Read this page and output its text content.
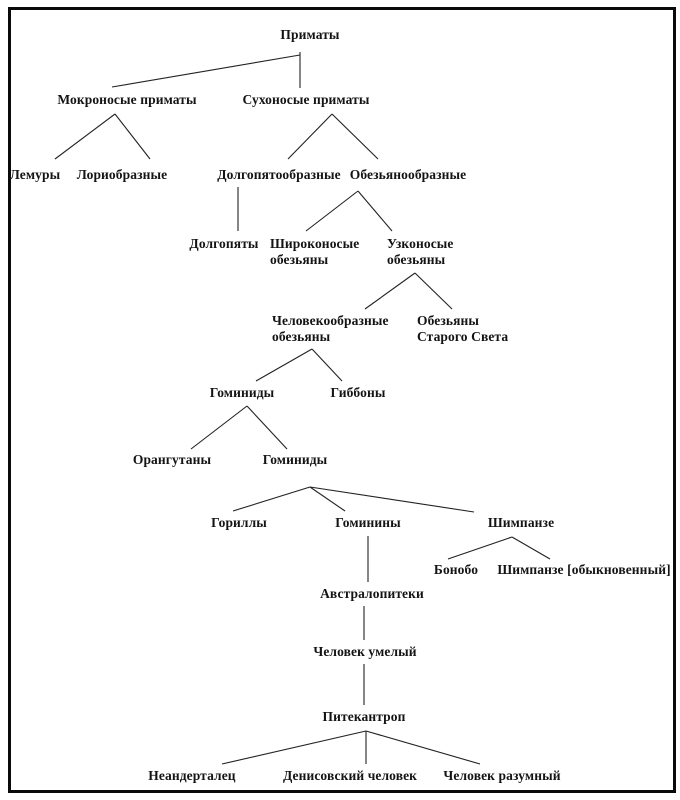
Приматы
Мокроносые приматы	Сухоносые приматы
Лемуры Лориобразные	Долгопятообразные Обезьянообразные
Долгопяты Широконосые
обезьяны
Узконосые
обезьяны
Человекообразные
обезьяны
Обезьяны
Старого Света
Гоминиды	Гиббоны
Орангутаны	Гоминиды
Гориллы	Гоминины	Шимпанзе
Бонобо Шимпанзе [обыкновенный]
Австралопитеки
Человек умелый
Питекантроп
Неандерталец	Денисовский человек Человек разумный
